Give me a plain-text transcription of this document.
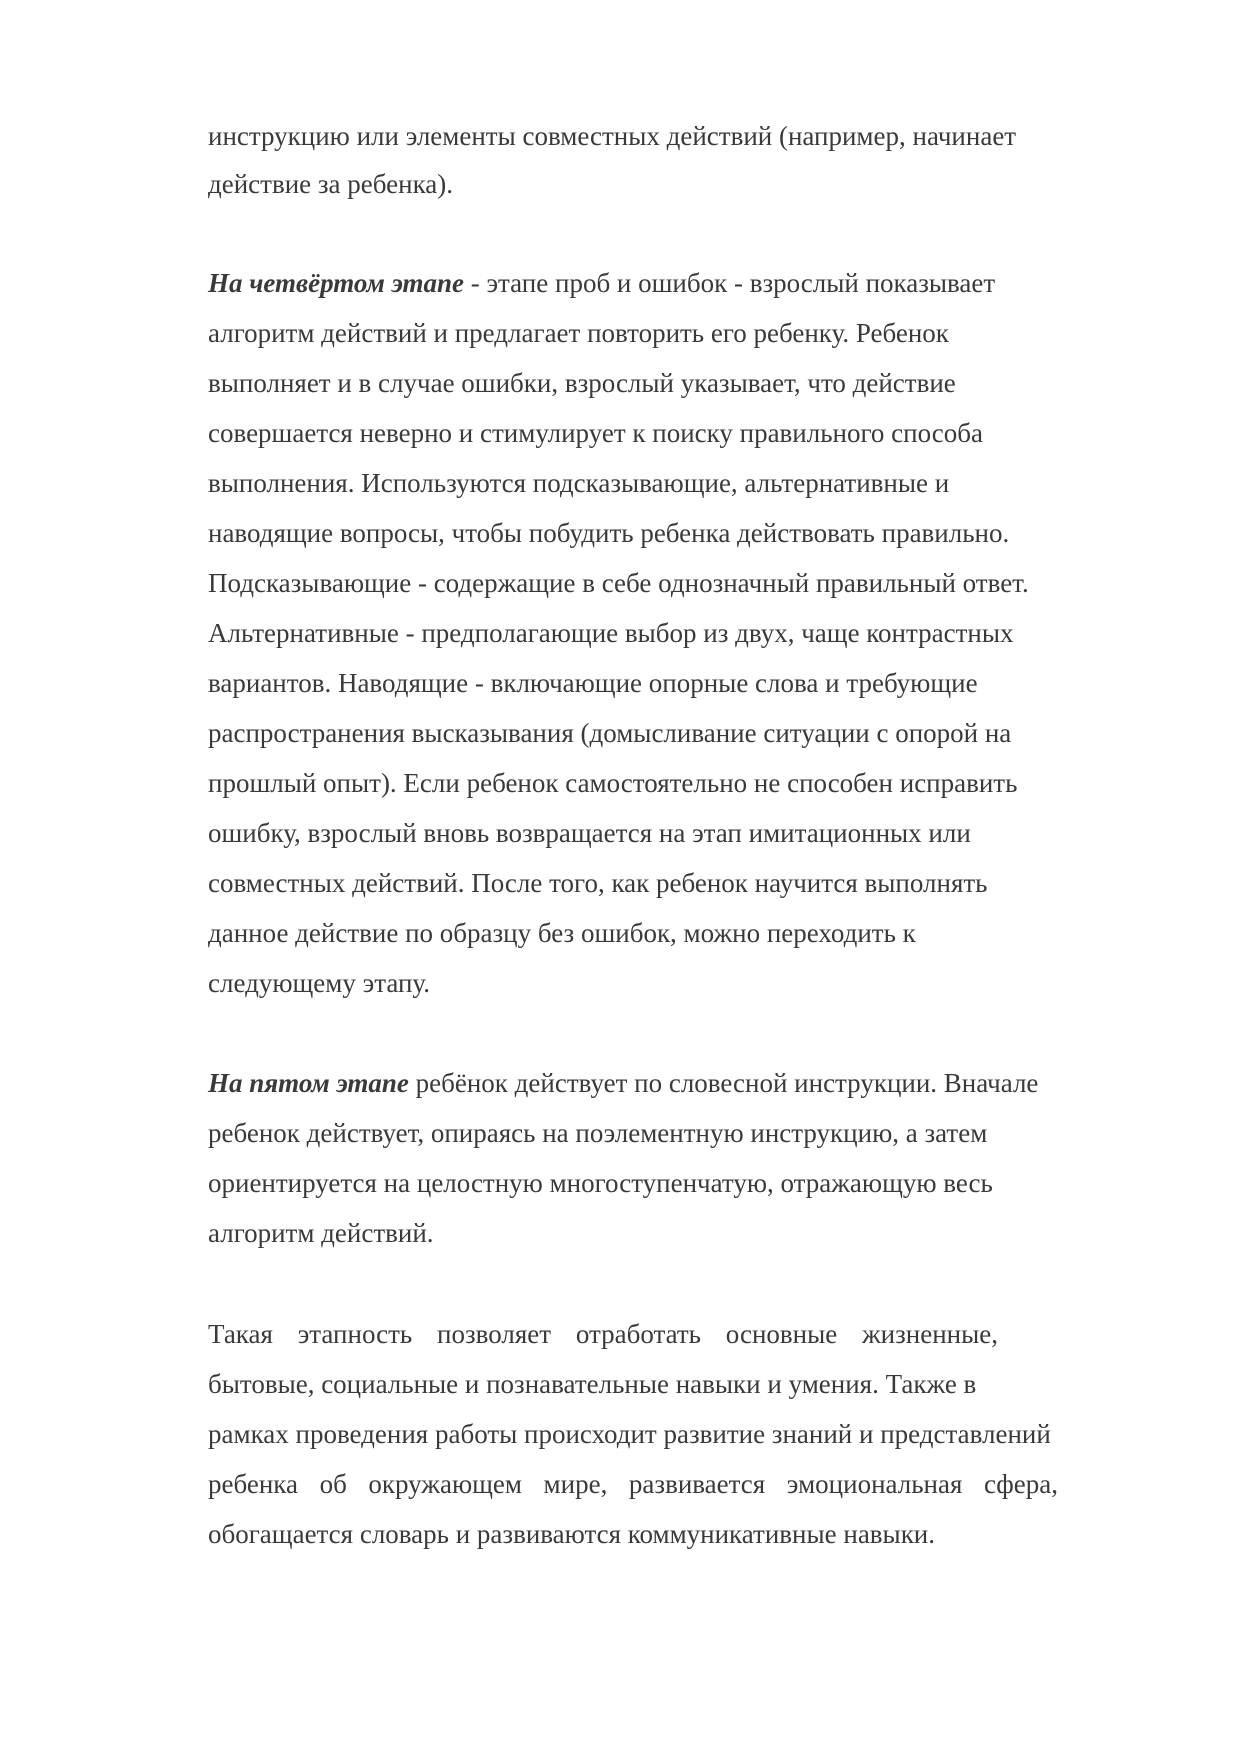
инструкцию или элементы совместных действий (например, начинает

действие за ребенка).

На четвёртом этапе - этапе проб и ошибок - взрослый показывает

алгоритм действий и предлагает повторить его ребенку. Ребенок

выполняет и в случае ошибки, взрослый указывает, что действие

совершается неверно и стимулирует к поиску правильного способа

выполнения. Используются подсказывающие, альтернативные и

наводящие вопросы, чтобы побудить ребенка действовать правильно.

Подсказывающие - содержащие в себе однозначный правильный ответ.

Альтернативные - предполагающие выбор из двух, чаще контрастных

вариантов. Наводящие - включающие опорные слова и требующие

распространения высказывания (домысливание ситуации с опорой на

прошлый опыт). Если ребенок самостоятельно не способен исправить

ошибку, взрослый вновь возвращается на этап имитационных или

совместных действий. После того, как ребенок научится выполнять

данное действие по образцу без ошибок, можно переходить к

следующему этапу.

На пятом этапе ребёнок действует по словесной инструкции. Вначале

ребенок действует, опираясь на поэлементную инструкцию, а затем

ориентируется на целостную многоступенчатую, отражающую весь

алгоритм действий.

Такая этапность позволяет отработать основные жизненные,

бытовые, социальные и познавательные навыки и умения. Также в

рамках проведения работы происходит развитие знаний и представлений

ребенка об окружающем мире, развивается эмоциональная сфера,

обогащается словарь и развиваются коммуникативные навыки.
